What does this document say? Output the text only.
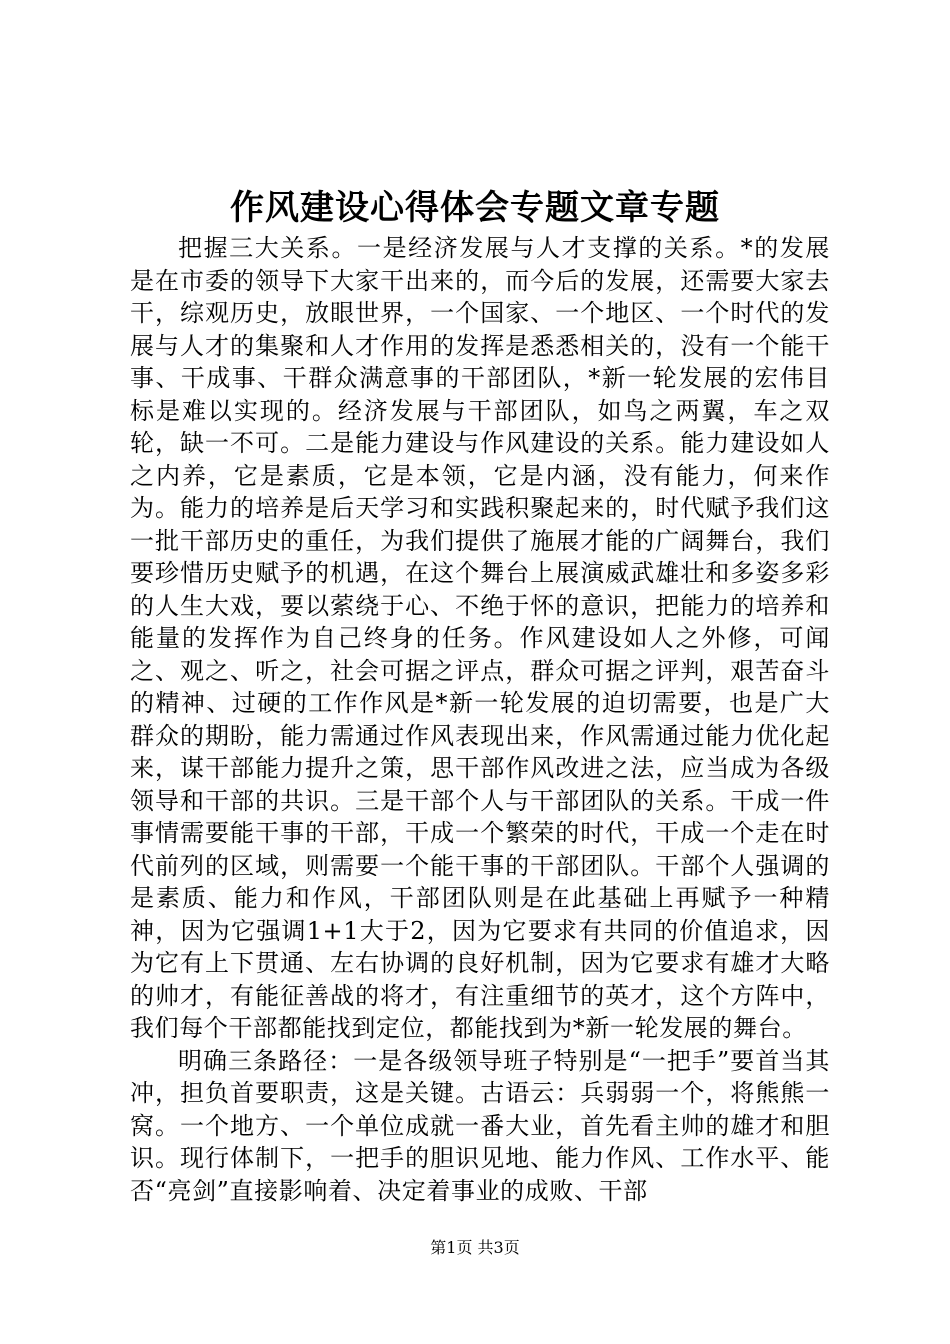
作风建设心得体会专题文章专题

把握三大关系。一是经济发展与人才支撑的关系。*的发展是在市委的领导下大家干出来的，而今后的发展，还需要大家去干，综观历史，放眼世界，一个国家、一个地区、一个时代的发展与人才的集聚和人才作用的发挥是悉悉相关的，没有一个能干事、干成事、干群众满意事的干部团队，*新一轮发展的宏伟目标是难以实现的。经济发展与干部团队，如鸟之两翼，车之双轮，缺一不可。二是能力建设与作风建设的关系。能力建设如人之内养，它是素质，它是本领，它是内涵，没有能力，何来作为。能力的培养是后天学习和实践积聚起来的，时代赋予我们这一批干部历史的重任，为我们提供了施展才能的广阔舞台，我们要珍惜历史赋予的机遇，在这个舞台上展演威武雄壮和多姿多彩的人生大戏，要以萦绕于心、不绝于怀的意识，把能力的培养和能量的发挥作为自己终身的任务。作风建设如人之外修，可闻之、观之、听之，社会可据之评点，群众可据之评判，艰苦奋斗的精神、过硬的工作作风是*新一轮发展的迫切需要，也是广大群众的期盼，能力需通过作风表现出来，作风需通过能力优化起来，谋干部能力提升之策，思干部作风改进之法，应当成为各级领导和干部的共识。三是干部个人与干部团队的关系。干成一件事情需要能干事的干部，干成一个繁荣的时代，干成一个走在时代前列的区域，则需要一个能干事的干部团队。干部个人强调的是素质、能力和作风，干部团队则是在此基础上再赋予一种精神，因为它强调1+1大于2，因为它要求有共同的价值追求，因为它有上下贯通、左右协调的良好机制，因为它要求有雄才大略的帅才，有能征善战的将才，有注重细节的英才，这个方阵中，我们每个干部都能找到定位，都能找到为*新一轮发展的舞台。

明确三条路径：一是各级领导班子特别是“一把手”要首当其冲，担负首要职责，这是关键。古语云：兵弱弱一个，将熊熊一窝。一个地方、一个单位成就一番大业，首先看主帅的雄才和胆识。现行体制下，一把手的胆识见地、能力作风、工作水平、能否“亮剑”直接影响着、决定着事业的成败、干部

第1页 共3页
